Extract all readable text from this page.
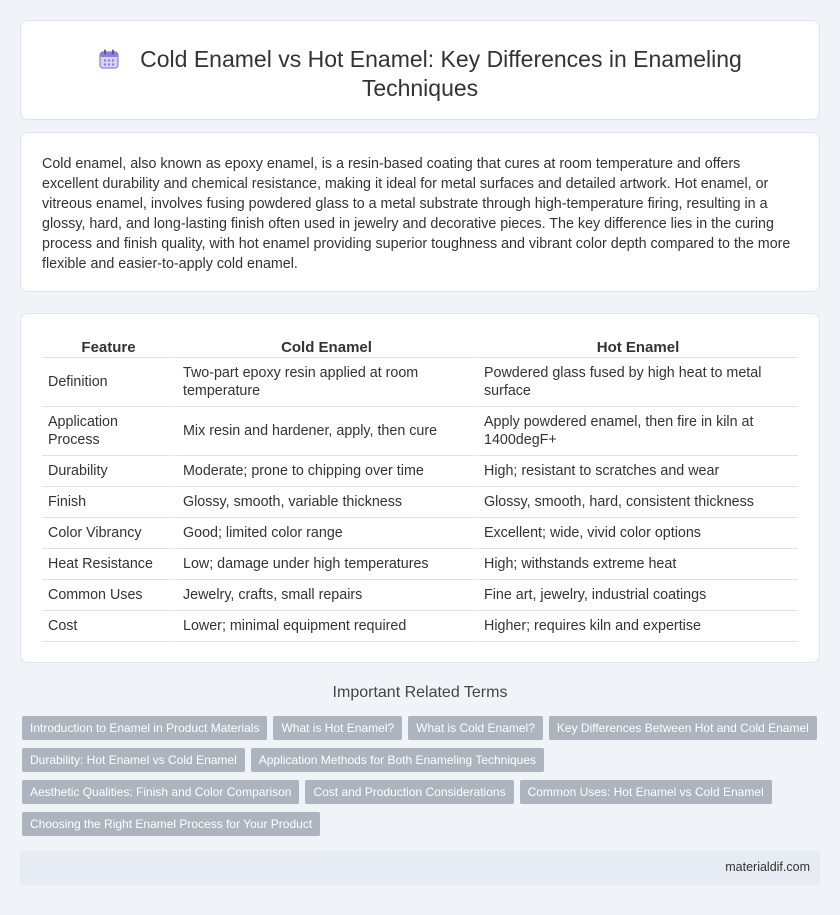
Cold Enamel vs Hot Enamel: Key Differences in Enameling Techniques

Cold enamel, also known as epoxy enamel, is a resin-based coating that cures at room temperature and offers excellent durability and chemical resistance, making it ideal for metal surfaces and detailed artwork. Hot enamel, or vitreous enamel, involves fusing powdered glass to a metal substrate through high-temperature firing, resulting in a glossy, hard, and long-lasting finish often used in jewelry and decorative pieces. The key difference lies in the curing process and finish quality, with hot enamel providing superior toughness and vibrant color depth compared to the more flexible and easier-to-apply cold enamel.

Feature	Cold Enamel	Hot Enamel
Definition	Two-part epoxy resin applied at room temperature	Powdered glass fused by high heat to metal surface
Application Process	Mix resin and hardener, apply, then cure	Apply powdered enamel, then fire in kiln at 1400degF+
Durability	Moderate; prone to chipping over time	High; resistant to scratches and wear
Finish	Glossy, smooth, variable thickness	Glossy, smooth, hard, consistent thickness
Color Vibrancy	Good; limited color range	Excellent; wide, vivid color options
Heat Resistance	Low; damage under high temperatures	High; withstands extreme heat
Common Uses	Jewelry, crafts, small repairs	Fine art, jewelry, industrial coatings
Cost	Lower; minimal equipment required	Higher; requires kiln and expertise
Important Related Terms
Introduction to Enamel in Product Materials What is Hot Enamel? What is Cold Enamel? Key Differences Between Hot and Cold Enamel
Durability: Hot Enamel vs Cold Enamel Application Methods for Both Enameling Techniques
Aesthetic Qualities: Finish and Color Comparison Cost and Production Considerations Common Uses: Hot Enamel vs Cold Enamel
Choosing the Right Enamel Process for Your Product
materialdif.com
